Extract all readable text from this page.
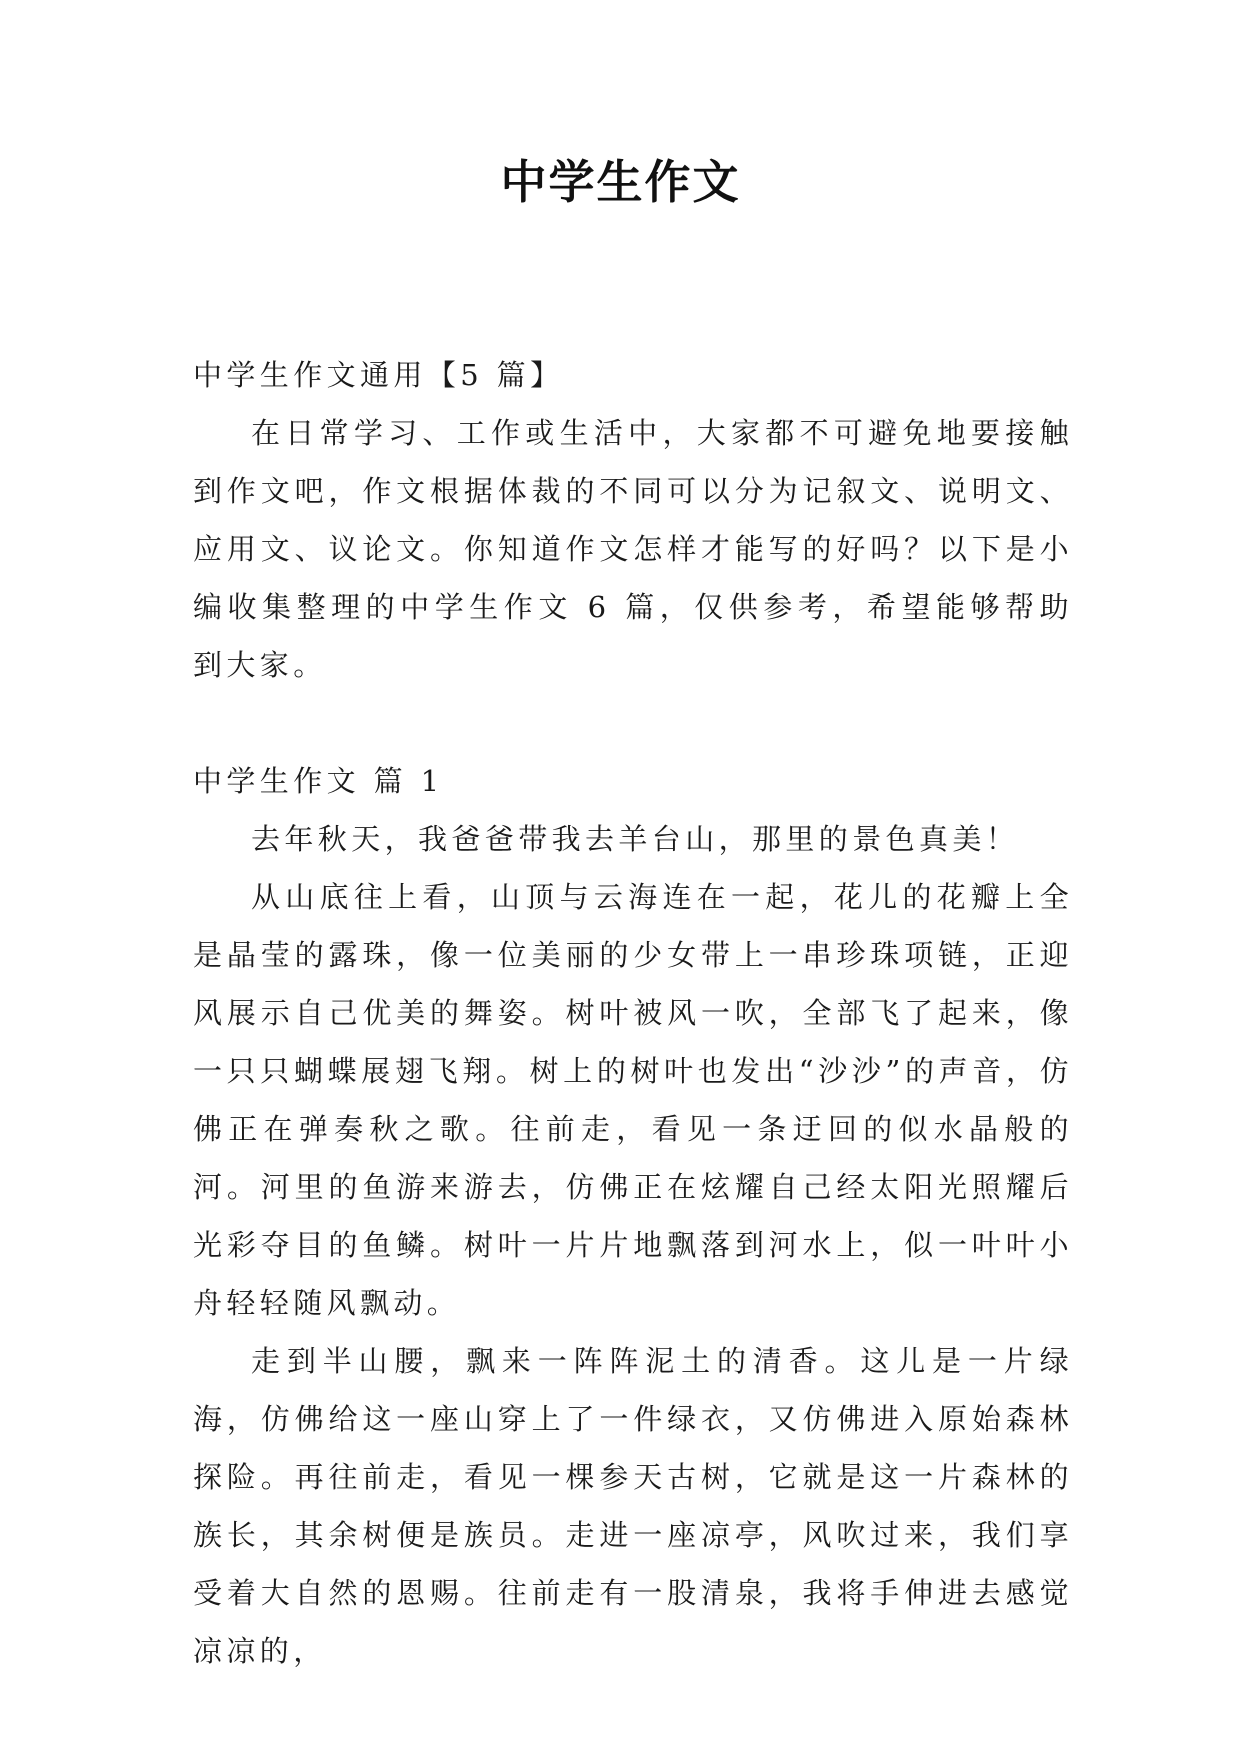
中学生作文

中学生作文通用【5 篇】

在日常学习、工作或生活中，大家都不可避免地要接触到作文吧，作文根据体裁的不同可以分为记叙文、说明文、应用文、议论文。你知道作文怎样才能写的好吗？以下是小编收集整理的中学生作文 6 篇，仅供参考，希望能够帮助到大家。

中学生作文 篇 1

去年秋天，我爸爸带我去羊台山，那里的景色真美！

从山底往上看，山顶与云海连在一起，花儿的花瓣上全是晶莹的露珠，像一位美丽的少女带上一串珍珠项链，正迎风展示自己优美的舞姿。树叶被风一吹，全部飞了起来，像一只只蝴蝶展翅飞翔。树上的树叶也发出“沙沙”的声音，仿佛正在弹奏秋之歌。往前走，看见一条迂回的似水晶般的河。河里的鱼游来游去，仿佛正在炫耀自己经太阳光照耀后光彩夺目的鱼鳞。树叶一片片地飘落到河水上，似一叶叶小舟轻轻随风飘动。

走到半山腰，飘来一阵阵泥土的清香。这儿是一片绿海，仿佛给这一座山穿上了一件绿衣，又仿佛进入原始森林探险。再往前走，看见一棵参天古树，它就是这一片森林的族长，其余树便是族员。走进一座凉亭，风吹过来，我们享受着大自然的恩赐。往前走有一股清泉，我将手伸进去感觉凉凉的，
